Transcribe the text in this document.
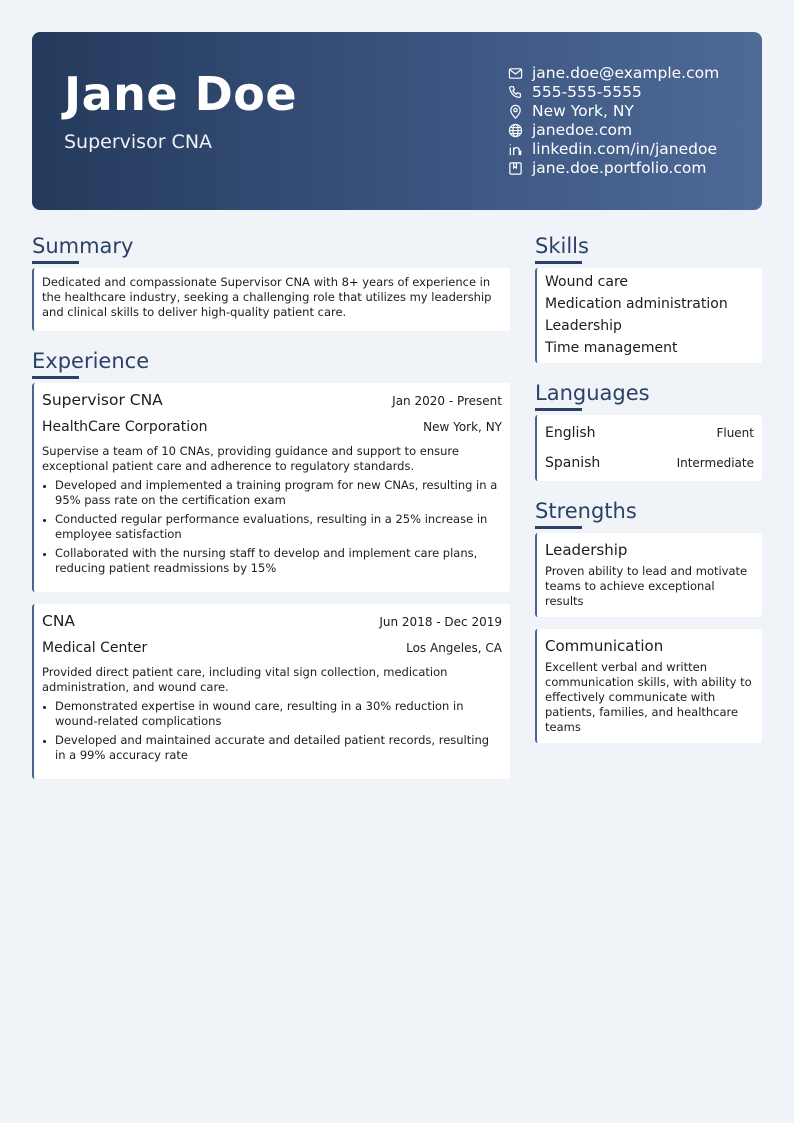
Jane Doe
Supervisor CNA
jane.doe@example.com
555-555-5555
New York, NY
janedoe.com
linkedin.com/in/janedoe
jane.doe.portfolio.com
Summary

Dedicated and compassionate Supervisor CNA with 8+ years of experience in the healthcare industry, seeking a challenging role that utilizes my leadership and clinical skills to deliver high-quality patient care.

Experience
Supervisor CNA	Jan 2020 - Present
HealthCare Corporation	New York, NY

Supervise a team of 10 CNAs, providing guidance and support to ensure exceptional patient care and adherence to regulatory standards.

Developed and implemented a training program for new CNAs, resulting in a 95% pass rate on the certification exam
Conducted regular performance evaluations, resulting in a 25% increase in employee satisfaction
Collaborated with the nursing staff to develop and implement care plans, reducing patient readmissions by 15%
CNA	Jun 2018 - Dec 2019
Medical Center	Los Angeles, CA

Provided direct patient care, including vital sign collection, medication administration, and wound care.

Demonstrated expertise in wound care, resulting in a 30% reduction in wound-related complications
Developed and maintained accurate and detailed patient records, resulting in a 99% accuracy rate
Skills
Wound care
Medication administration
Leadership
Time management
Languages
English	Fluent
Spanish	Intermediate
Strengths
Leadership

Proven ability to lead and motivate teams to achieve exceptional results

Communication

Excellent verbal and written communication skills, with ability to effectively communicate with patients, families, and healthcare teams
